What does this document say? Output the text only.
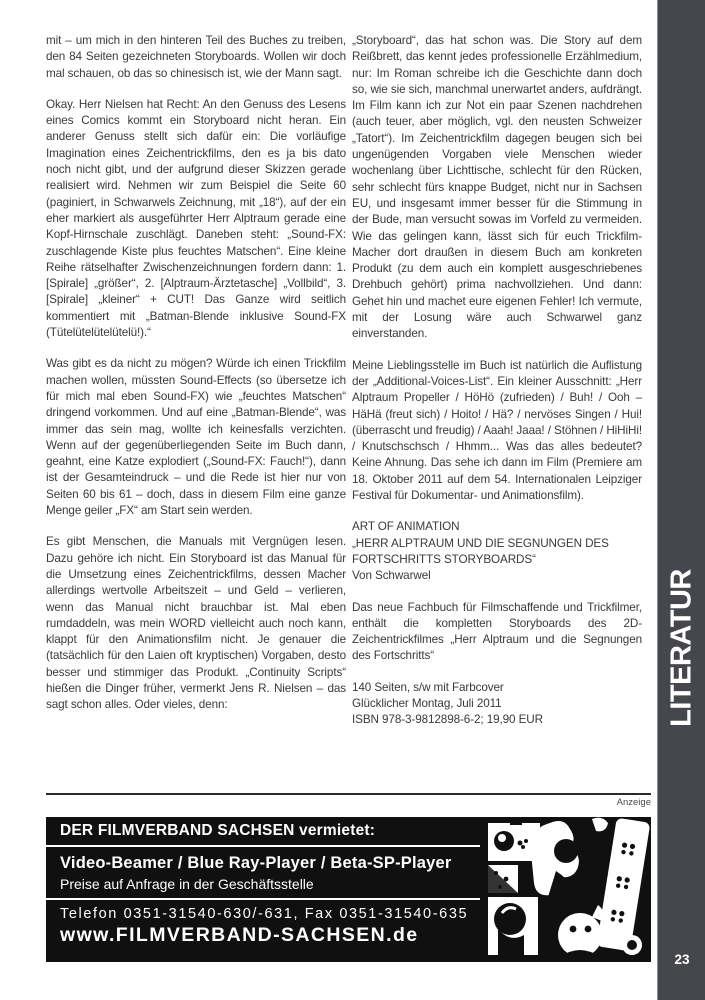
mit – um mich in den hinteren Teil des Buches zu treiben, den 84 Seiten gezeichneten Storyboards. Wollen wir doch mal schauen, ob das so chinesisch ist, wie der Mann sagt.

Okay. Herr Nielsen hat Recht: An den Genuss des Lesens eines Comics kommt ein Storyboard nicht heran. Ein anderer Genuss stellt sich dafür ein: Die vorläufige Imagination eines Zeichentrickfilms, den es ja bis dato noch nicht gibt, und der aufgrund dieser Skizzen gerade realisiert wird. Nehmen wir zum Beispiel die Seite 60 (paginiert, in Schwarwels Zeichnung, mit „18“), auf der ein eher markiert als ausgeführter Herr Alptraum gerade eine Kopf-Hirnschale zuschlägt. Daneben steht: „Sound-FX: zuschlagende Kiste plus feuchtes Matschen“. Eine kleine Reihe rätselhafter Zwischenzeichnungen fordern dann: 1. [Spirale] „größer“, 2. [Alptraum-Ärztetasche] „Vollbild“, 3. [Spirale] „kleiner“ + CUT! Das Ganze wird seitlich kommentiert mit „Batman-Blende inklusive Sound-FX (Tütelütelütelütelü!).“

Was gibt es da nicht zu mögen? Würde ich einen Trickfilm machen wollen, müssten Sound-Effects (so übersetze ich für mich mal eben Sound-FX) wie „feuchtes Matschen“ dringend vorkommen. Und auf eine „Batman-Blende“, was immer das sein mag, wollte ich keinesfalls verzichten. Wenn auf der gegenüberliegenden Seite im Buch dann, geahnt, eine Katze explodiert („Sound-FX: Fauch!“), dann ist der Gesamteindruck – und die Rede ist hier nur von Seiten 60 bis 61 – doch, dass in diesem Film eine ganze Menge geiler „FX“ am Start sein werden.

Es gibt Menschen, die Manuals mit Vergnügen lesen. Dazu gehöre ich nicht. Ein Storyboard ist das Manual für die Umsetzung eines Zeichentrickfilms, dessen Macher allerdings wertvolle Arbeitszeit – und Geld – verlieren, wenn das Manual nicht brauchbar ist. Mal eben rumdaddeln, was mein WORD vielleicht auch noch kann, klappt für den Animationsfilm nicht. Je genauer die (tatsächlich für den Laien oft kryptischen) Vorgaben, desto besser und stimmiger das Produkt. „Continuity Scripts“ hießen die Dinger früher, vermerkt Jens R. Nielsen – das sagt schon alles. Oder vieles, denn:

„Storyboard“, das hat schon was. Die Story auf dem Reißbrett, das kennt jedes professionelle Erzählmedium, nur: Im Roman schreibe ich die Geschichte dann doch so, wie sie sich, manchmal unerwartet anders, aufdrängt. Im Film kann ich zur Not ein paar Szenen nachdrehen (auch teuer, aber möglich, vgl. den neusten Schweizer „Tatort“). Im Zeichentrickfilm dagegen beugen sich bei ungenügenden Vorgaben viele Menschen wieder wochenlang über Lichttische, schlecht für den Rücken, sehr schlecht fürs knappe Budget, nicht nur in Sachsen EU, und insgesamt immer besser für die Stimmung in der Bude, man versucht sowas im Vorfeld zu vermeiden. Wie das gelingen kann, lässt sich für euch Trickfilm-Macher dort draußen in diesem Buch am konkreten Produkt (zu dem auch ein komplett ausgeschriebenes Drehbuch gehört) prima nachvollziehen. Und dann: Gehet hin und machet eure eigenen Fehler! Ich vermute, mit der Losung wäre auch Schwarwel ganz einverstanden.

Meine Lieblingsstelle im Buch ist natürlich die Auflistung der „Additional-Voices-List“. Ein kleiner Ausschnitt: „Herr Alptraum Propeller / HöHö (zufrieden) / Buh! / Ooh – HäHä (freut sich) / Hoito! / Hä? / nervöses Singen / Hui! (überrascht und freudig) / Aaah! Jaaa! / Stöhnen / HiHiHi! / Knutschschsch / Hhmm... Was das alles bedeutet? Keine Ahnung. Das sehe ich dann im Film (Premiere am 18. Oktober 2011 auf dem 54. Internationalen Leipziger Festival für Dokumentar- und Animationsfilm).

ART OF ANIMATION
„HERR ALPTRAUM UND DIE SEGNUNGEN DES FORTSCHRITTS STORYBOARDS“
Von Schwarwel

Das neue Fachbuch für Filmschaffende und Trickfilmer, enthält die kompletten Storyboards des 2D-Zeichentrickfilmes „Herr Alptraum und die Segnungen des Fortschritts“

140 Seiten, s/w mit Farbcover
Glücklicher Montag, Juli 2011
ISBN 978-3-9812898-6-2; 19,90 EUR
Anzeige
DER FILMVERBAND SACHSEN vermietet:
Video-Beamer / Blue Ray-Player / Beta-SP-Player
Preise auf Anfrage in der Geschäftsstelle
Telefon 0351-31540-630/-631, Fax 0351-31540-635
www.FILMVERBAND-SACHSEN.de
LITERATUR
23
